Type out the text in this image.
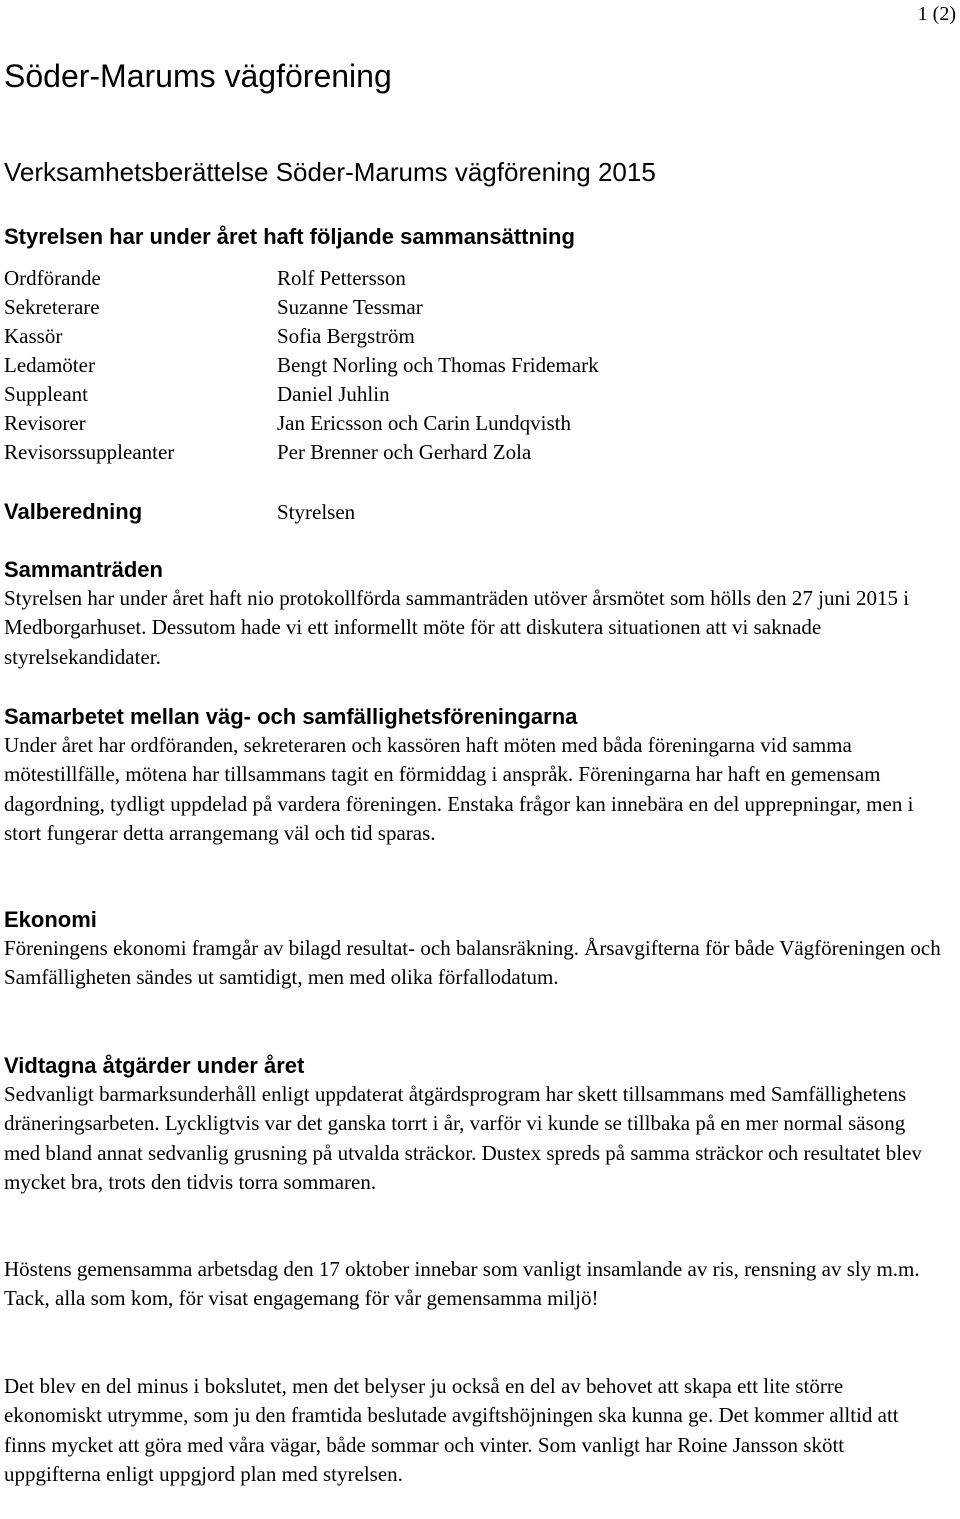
1 (2)
Söder-Marums vägförening
Verksamhetsberättelse Söder-Marums vägförening 2015
Styrelsen har under året haft följande sammansättning
Ordförande	Rolf Pettersson
Sekreterare	Suzanne Tessmar
Kassör	Sofia Bergström
Ledamöter	Bengt Norling och Thomas Fridemark
Suppleant	Daniel Juhlin
Revisorer	Jan Ericsson och Carin Lundqvisth
Revisorssuppleanter	Per Brenner och Gerhard Zola
Valberedning	Styrelsen
Sammanträden

Styrelsen har under året haft nio protokollförda sammanträden utöver årsmötet som hölls den 27 juni 2015 i Medborgarhuset. Dessutom hade vi ett informellt möte för att diskutera situationen att vi saknade styrelsekandidater.

Samarbetet mellan väg- och samfällighetsföreningarna

Under året har ordföranden, sekreteraren och kassören haft möten med båda föreningarna vid samma mötestillfälle, mötena har tillsammans tagit en förmiddag i anspråk. Föreningarna har haft en gemensam dagordning, tydligt uppdelad på vardera föreningen. Enstaka frågor kan innebära en del upprepningar, men i stort fungerar detta arrangemang väl och tid sparas.

Ekonomi

Föreningens ekonomi framgår av bilagd resultat- och balansräkning. Årsavgifterna för både Vägföreningen och Samfälligheten sändes ut samtidigt, men med olika förfallodatum.

Vidtagna åtgärder under året

Sedvanligt barmarksunderhåll enligt uppdaterat åtgärdsprogram har skett tillsammans med Samfällighetens dräneringsarbeten. Lyckligtvis var det ganska torrt i år, varför vi kunde se tillbaka på en mer normal säsong med bland annat sedvanlig grusning på utvalda sträckor. Dustex spreds på samma sträckor och resultatet blev mycket bra, trots den tidvis torra sommaren.

Höstens gemensamma arbetsdag den 17 oktober innebar som vanligt insamlande av ris, rensning av sly m.m. Tack, alla som kom, för visat engagemang för vår gemensamma miljö!

Det blev en del minus i bokslutet, men det belyser ju också en del av behovet att skapa ett lite större ekonomiskt utrymme, som ju den framtida beslutade avgiftshöjningen ska kunna ge. Det kommer alltid att finns mycket att göra med våra vägar, både sommar och vinter. Som vanligt har Roine Jansson skött uppgifterna enligt uppgjord plan med styrelsen.
